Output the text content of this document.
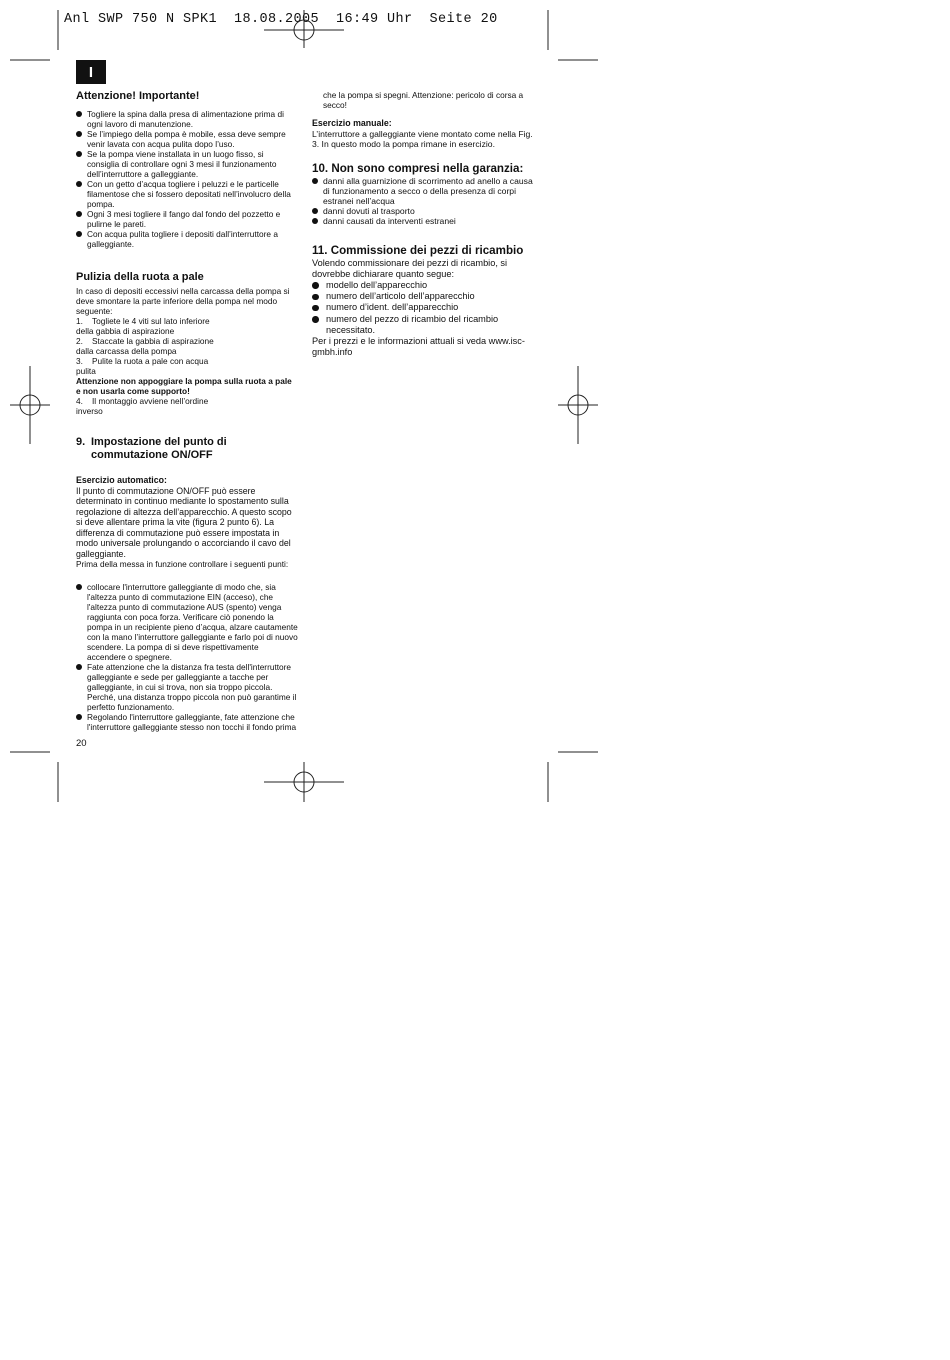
Anl SWP 750 N SPK1  18.08.2005  16:49 Uhr  Seite 20
I

Attenzione! Importante!

Togliere la spina dalla presa di alimentazione prima di ogni lavoro di manutenzione.
Se l’impiego della pompa è mobile, essa deve sempre venir lavata con acqua pulita dopo l’uso.
Se la pompa viene installata in un luogo fisso, si consiglia di controllare ogni 3 mesi il funzionamento dell’interruttore a galleggiante.
Con un getto d’acqua togliere i peluzzi e le particelle filamentose che si fossero depositati nell’involucro della pompa.
Ogni 3 mesi togliere il fango dal fondo del pozzetto e pulirne le pareti.
Con acqua pulita togliere i depositi dall’interruttore a galleggiante.

Pulizia della ruota a pale

In caso di depositi eccessivi nella carcassa della pompa si deve smontare la parte inferiore della pompa nel modo seguente:

1. Togliete le 4 viti sul lato inferiore

della gabbia di aspirazione

2. Staccate la gabbia di aspirazione

dalla carcassa della pompa

3. Pulite la ruota a pale con acqua

pulita

Attenzione non appoggiare la pompa sulla ruota a pale e non usarla come supporto!

4. Il montaggio avviene nell’ordine

inverso

9. Impostazione del punto di commutazione ON/OFF

Esercizio automatico:

Il punto di commutazione ON/OFF può essere determinato in continuo mediante lo spostamento sulla regolazione di altezza dell’apparecchio. A questo scopo si deve allentare prima la vite (figura 2 punto 6). La differenza di commutazione può essere impostata in modo universale prolungando o accorciando il cavo del galleggiante.

Prima della messa in funzione controllare i seguenti punti:

collocare l'interruttore galleggiante di modo che, sia l'altezza punto di commutazione EIN (acceso), che l'altezza punto di commutazione AUS (spento) venga raggiunta con poca forza. Verificare ciò ponendo la pompa in un recipiente pieno d’acqua, alzare cautamente con la mano l’interruttore galleggiante e farlo poi di nuovo scendere. La pompa di si deve rispettivamente accendere o spegnere.
Fate attenzione che la distanza fra testa dell'interruttore galleggiante e sede per galleggiante a tacche per galleggiante, in cui si trova, non sia troppo piccola. Perché, una distanza troppo piccola non può garantime il perfetto funzionamento.
Regolando l'interruttore galleggiante, fate attenzione che l'interruttore galleggiante stesso non tocchi il fondo prima

20

che la pompa si spegni. Attenzione: pericolo di corsa a secco!

Esercizio manuale:

L’interruttore a galleggiante viene montato come nella Fig. 3. In questo modo la pompa rimane in esercizio.

10. Non sono compresi nella garanzia:

danni alla guarnizione di scorrimento ad anello a causa di funzionamento a secco o della presenza di corpi estranei nell’acqua
danni dovuti al trasporto
danni causati da interventi estranei

11. Commissione dei pezzi di ricambio

Volendo commissionare dei pezzi di ricambio, si dovrebbe dichiarare quanto segue:

modello dell’apparecchio
numero dell’articolo dell’apparecchio
numero d’ident. dell’apparecchio
numero del pezzo di ricambio del ricambio necessitato.

Per i prezzi e le informazioni attuali si veda www.isc-gmbh.info
